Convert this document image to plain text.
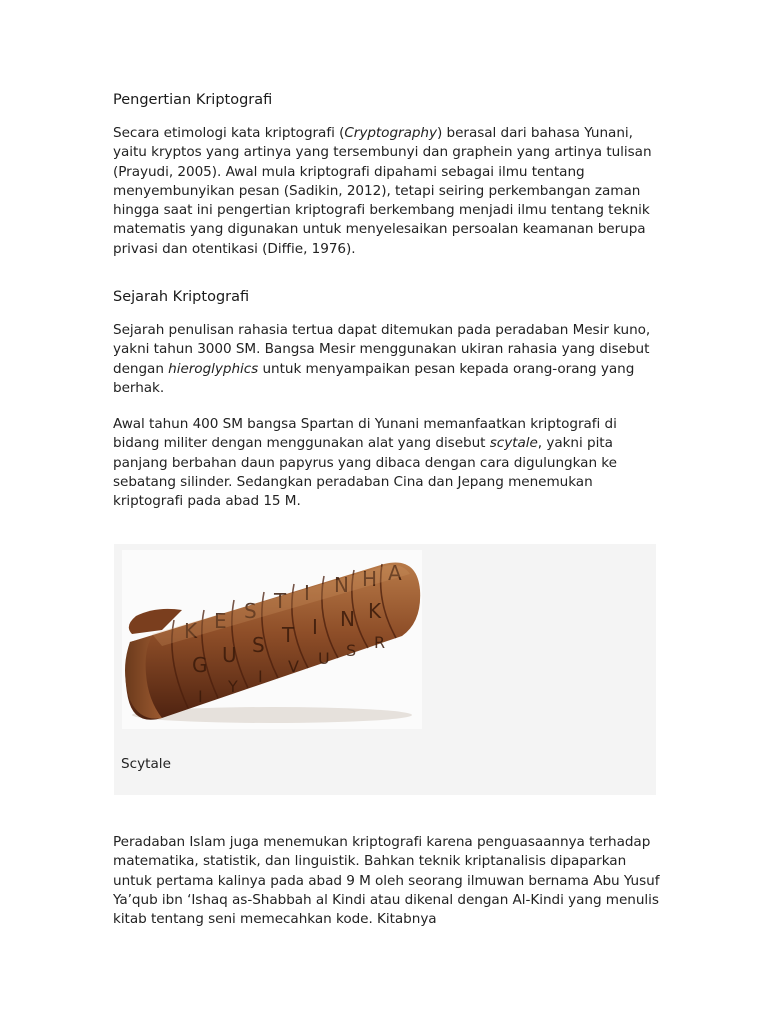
Pengertian Kriptografi

Secara etimologi kata kriptografi (Cryptography) berasal dari bahasa Yunani, yaitu kryptos yang artinya yang tersembunyi dan graphein yang artinya tulisan (Prayudi, 2005). Awal mula kriptografi dipahami sebagai ilmu tentang menyembunyikan pesan (Sadikin, 2012), tetapi seiring perkembangan zaman hingga saat ini pengertian kriptografi berkembang menjadi ilmu tentang teknik matematis yang digunakan untuk menyelesaikan persoalan keamanan berupa privasi dan otentikasi (Diffie, 1976).

Sejarah Kriptografi

Sejarah penulisan rahasia tertua dapat ditemukan pada peradaban Mesir kuno, yakni tahun 3000 SM. Bangsa Mesir menggunakan ukiran rahasia yang disebut dengan hieroglyphics untuk menyampaikan pesan kepada orang-orang yang berhak.

Awal tahun 400 SM bangsa Spartan di Yunani memanfaatkan kriptografi di bidang militer dengan menggunakan alat yang disebut scytale, yakni pita panjang berbahan daun papyrus yang dibaca dengan cara digulungkan ke sebatang silinder. Sedangkan peradaban Cina dan Jepang menemukan kriptografi pada abad 15 M.

Peradaban Islam juga menemukan kriptografi karena penguasaannya terhadap matematika, statistik, dan linguistik. Bahkan teknik kriptanalisis dipaparkan untuk pertama kalinya pada abad 9 M oleh seorang ilmuwan bernama Abu Yusuf Ya’qub ibn ‘Ishaq as-Shabbah al Kindi atau dikenal dengan Al-Kindi yang menulis kitab tentang seni memecahkan kode. Kitabnya

K E S T I N H A
G U S T I N K
I
Y
I
V U S R
Scytale
